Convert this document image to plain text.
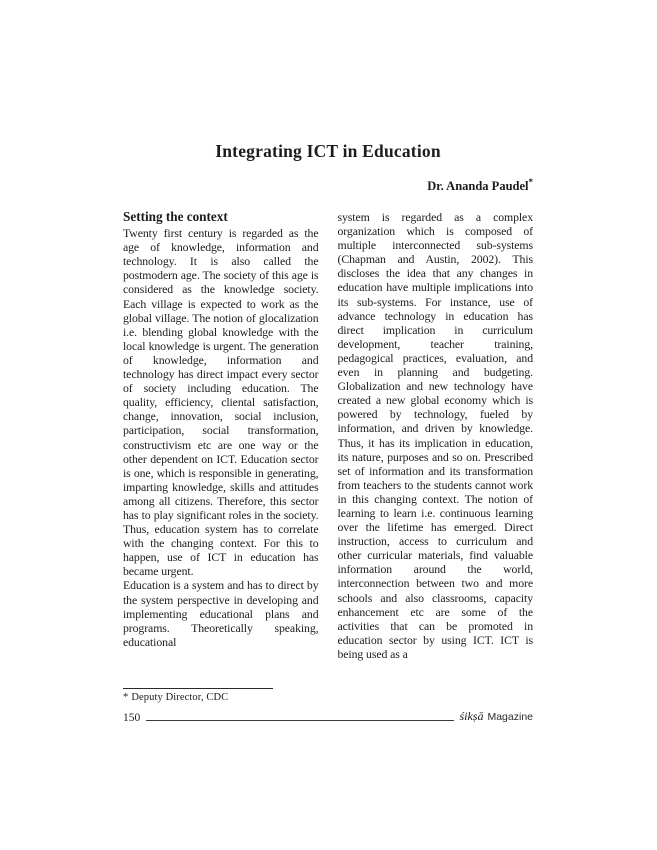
Integrating ICT in Education
Dr. Ananda Paudel*
Setting the context

Twenty first century is regarded as the age of knowledge, information and technology. It is also called the postmodern age. The society of this age is considered as the knowledge society. Each village is expected to work as the global village. The notion of glocalization i.e. blending global knowledge with the local knowledge is urgent. The generation of knowledge, information and technology has direct impact every sector of society including education. The quality, efficiency, cliental satisfaction, change, innovation, social inclusion, participation, social transformation, constructivism etc are one way or the other dependent on ICT. Education sector is one, which is responsible in generating, imparting knowledge, skills and attitudes among all citizens. Therefore, this sector has to play significant roles in the society. Thus, education system has to correlate with the changing context. For this to happen, use of ICT in education has became urgent.

Education is a system and has to direct by the system perspective in developing and implementing educational plans and programs. Theoretically speaking, educational

system is regarded as a complex organization which is composed of multiple interconnected sub-systems (Chapman and Austin, 2002). This discloses the idea that any changes in education have multiple implications into its sub-systems. For instance, use of advance technology in education has direct implication in curriculum development, teacher training, pedagogical practices, evaluation, and even in planning and budgeting. Globalization and new technology have created a new global economy which is powered by technology, fueled by information, and driven by knowledge. Thus, it has its implication in education, its nature, purposes and so on. Prescribed set of information and its transformation from teachers to the students cannot work in this changing context. The notion of learning to learn i.e. continuous learning over the lifetime has emerged. Direct instruction, access to curriculum and other curricular materials, find valuable information around the world, interconnection between two and more schools and also classrooms, capacity enhancement etc are some of the activities that can be promoted in education sector by using ICT. ICT is being used as a

* Deputy Director, CDC
150	śikṣā Magazine
